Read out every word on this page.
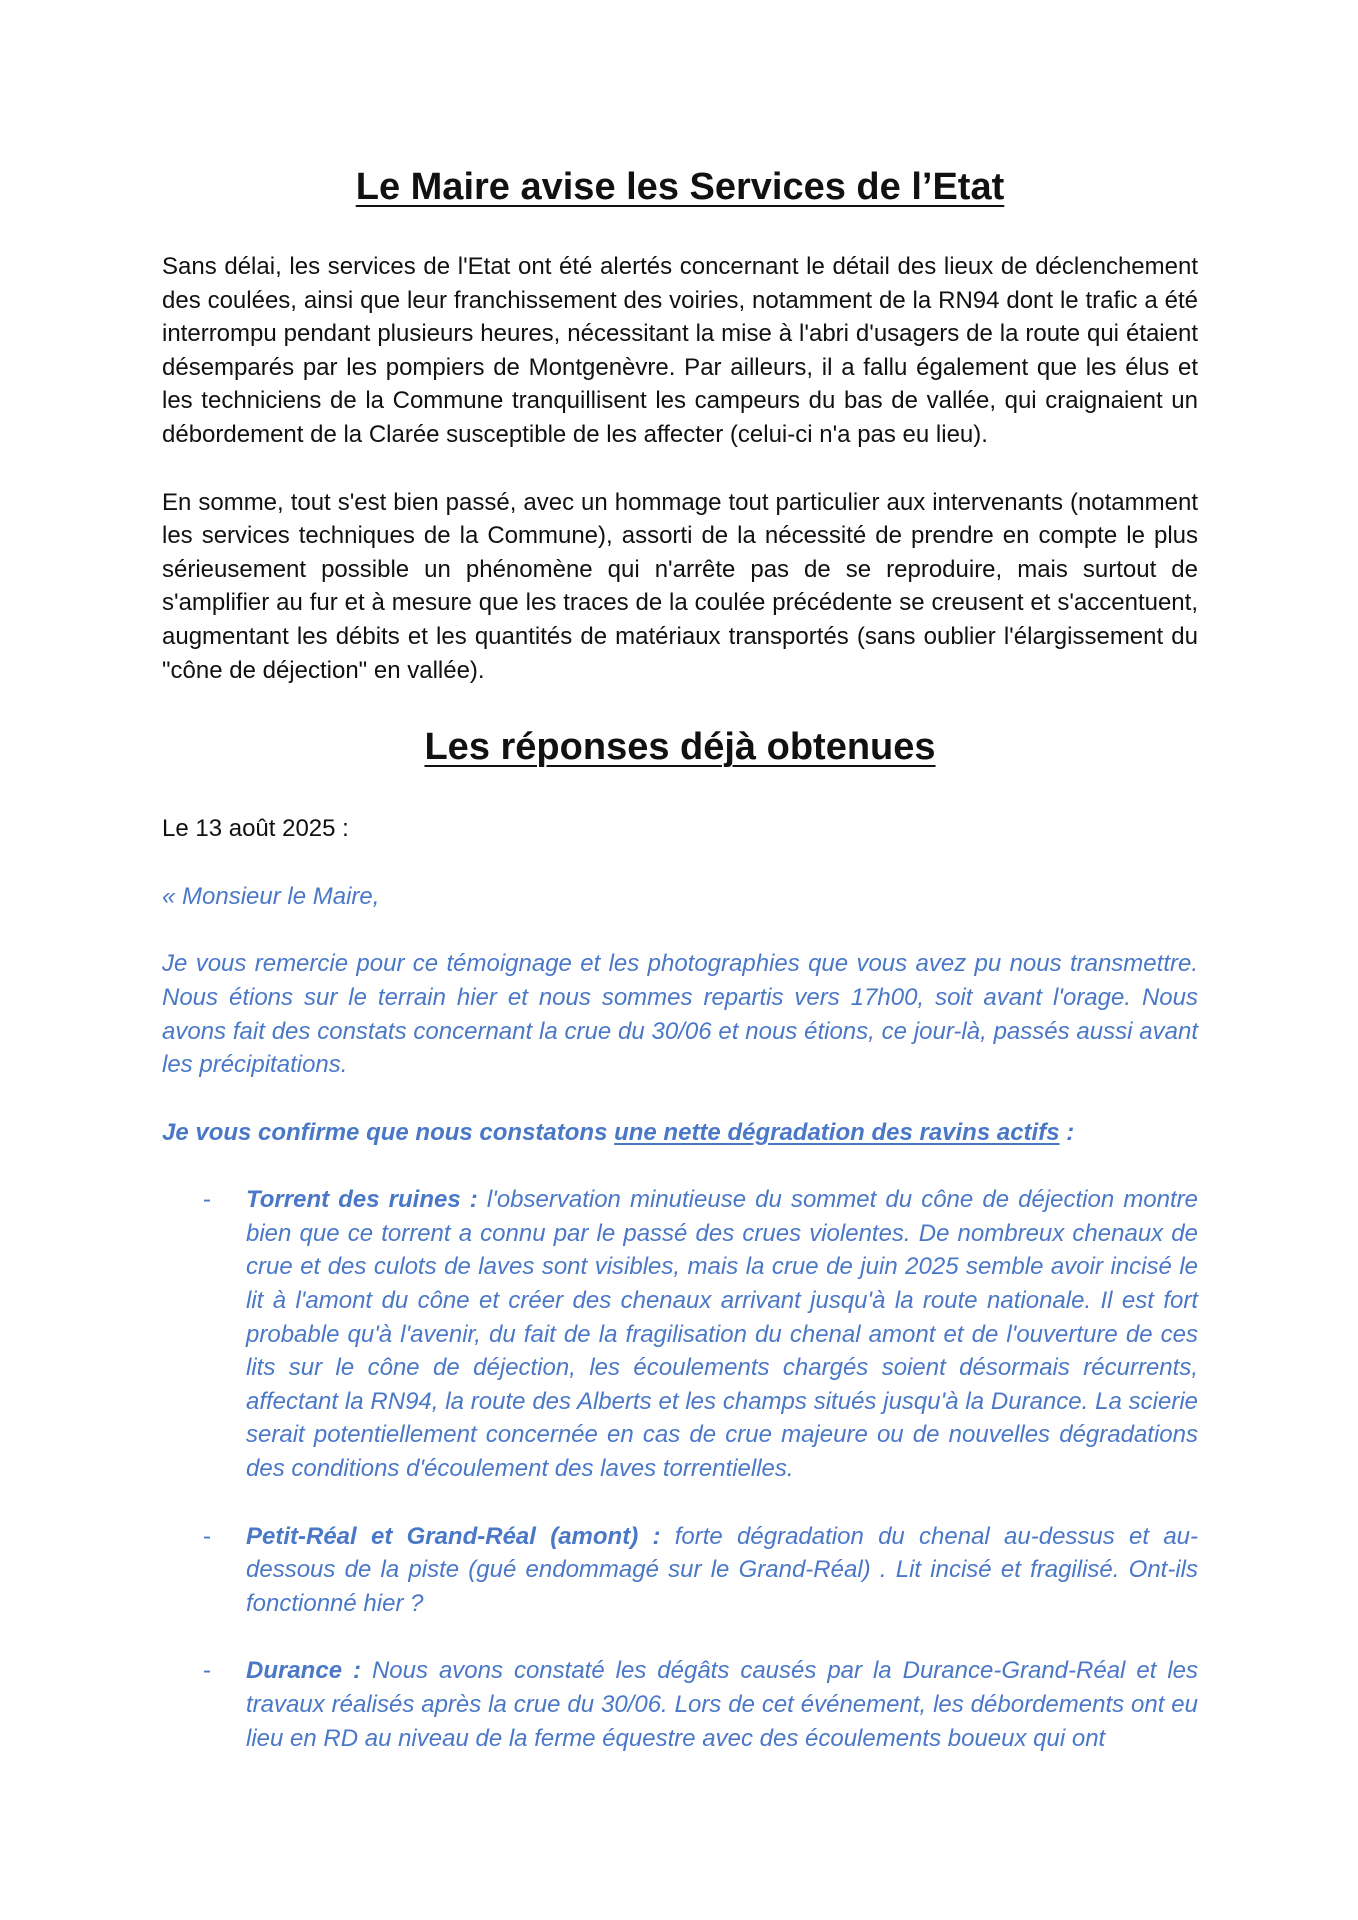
Le Maire avise les Services de l’Etat

Sans délai, les services de l'Etat ont été alertés concernant le détail des lieux de déclenchement des coulées, ainsi que leur franchissement des voiries, notamment de la RN94 dont le trafic a été interrompu pendant plusieurs heures, nécessitant la mise à l'abri d'usagers de la route qui étaient désemparés par les pompiers de Montgenèvre. Par ailleurs, il a fallu également que les élus et les techniciens de la Commune tranquillisent les campeurs du bas de vallée, qui craignaient un débordement de la Clarée susceptible de les affecter (celui-ci n'a pas eu lieu).

En somme, tout s'est bien passé, avec un hommage tout particulier aux intervenants (notamment les services techniques de la Commune), assorti de la nécessité de prendre en compte le plus sérieusement possible un phénomène qui n'arrête pas de se reproduire, mais surtout de s'amplifier au fur et à mesure que les traces de la coulée précédente se creusent et s'accentuent, augmentant les débits et les quantités de matériaux transportés (sans oublier l'élargissement du "cône de déjection" en vallée).

Les réponses déjà obtenues

Le 13 août 2025 :

« Monsieur le Maire,

Je vous remercie pour ce témoignage et les photographies que vous avez pu nous transmettre. Nous étions sur le terrain hier et nous sommes repartis vers 17h00, soit avant l'orage. Nous avons fait des constats concernant la crue du 30/06 et nous étions, ce jour-là, passés aussi avant les précipitations.

Je vous confirme que nous constatons une nette dégradation des ravins actifs :

- Torrent des ruines : l'observation minutieuse du sommet du cône de déjection montre bien que ce torrent a connu par le passé des crues violentes. De nombreux chenaux de crue et des culots de laves sont visibles, mais la crue de juin 2025 semble avoir incisé le lit à l'amont du cône et créer des chenaux arrivant jusqu'à la route nationale. Il est fort probable qu'à l'avenir, du fait de la fragilisation du chenal amont et de l'ouverture de ces lits sur le cône de déjection, les écoulements chargés soient désormais récurrents, affectant la RN94, la route des Alberts et les champs situés jusqu'à la Durance. La scierie serait potentiellement concernée en cas de crue majeure ou de nouvelles dégradations des conditions d'écoulement des laves torrentielles.
- Petit-Réal et Grand-Réal (amont) : forte dégradation du chenal au-dessus et au-dessous de la piste (gué endommagé sur le Grand-Réal) . Lit incisé et fragilisé. Ont-ils fonctionné hier ?
- Durance : Nous avons constaté les dégâts causés par la Durance-Grand-Réal et les travaux réalisés après la crue du 30/06. Lors de cet événement, les débordements ont eu lieu en RD au niveau de la ferme équestre avec des écoulements boueux qui ont
